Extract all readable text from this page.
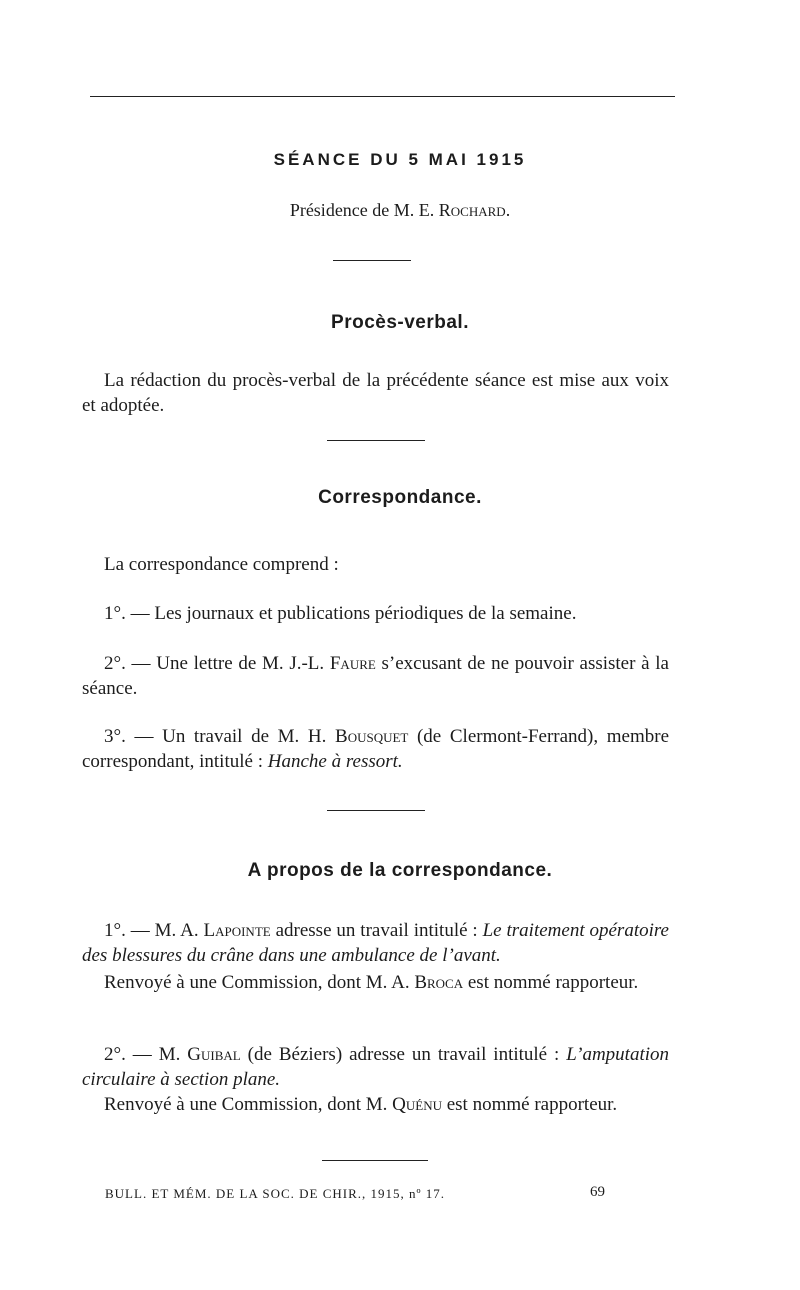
SÉANCE DU 5 MAI 1915
Présidence de M. E. Rochard.
Procès-verbal.
La rédaction du procès-verbal de la précédente séance est mise aux voix et adoptée.
Correspondance.
La correspondance comprend :
1°. — Les journaux et publications périodiques de la semaine.
2°. — Une lettre de M. J.-L. Faure s’excusant de ne pouvoir assister à la séance.
3°. — Un travail de M. H. Bousquet (de Clermont-Ferrand), membre correspondant, intitulé : Hanche à ressort.
A propos de la correspondance.
1°. — M. A. Lapointe adresse un travail intitulé : Le traitement opératoire des blessures du crâne dans une ambulance de l’avant.
Renvoyé à une Commission, dont M. A. Broca est nommé rapporteur.
2°. — M. Guibal (de Béziers) adresse un travail intitulé : L’amputation circulaire à section plane.
Renvoyé à une Commission, dont M. Quénu est nommé rapporteur.
BULL. ET MÉM. DE LA SOC. DE CHIR., 1915, nº 17.	69
